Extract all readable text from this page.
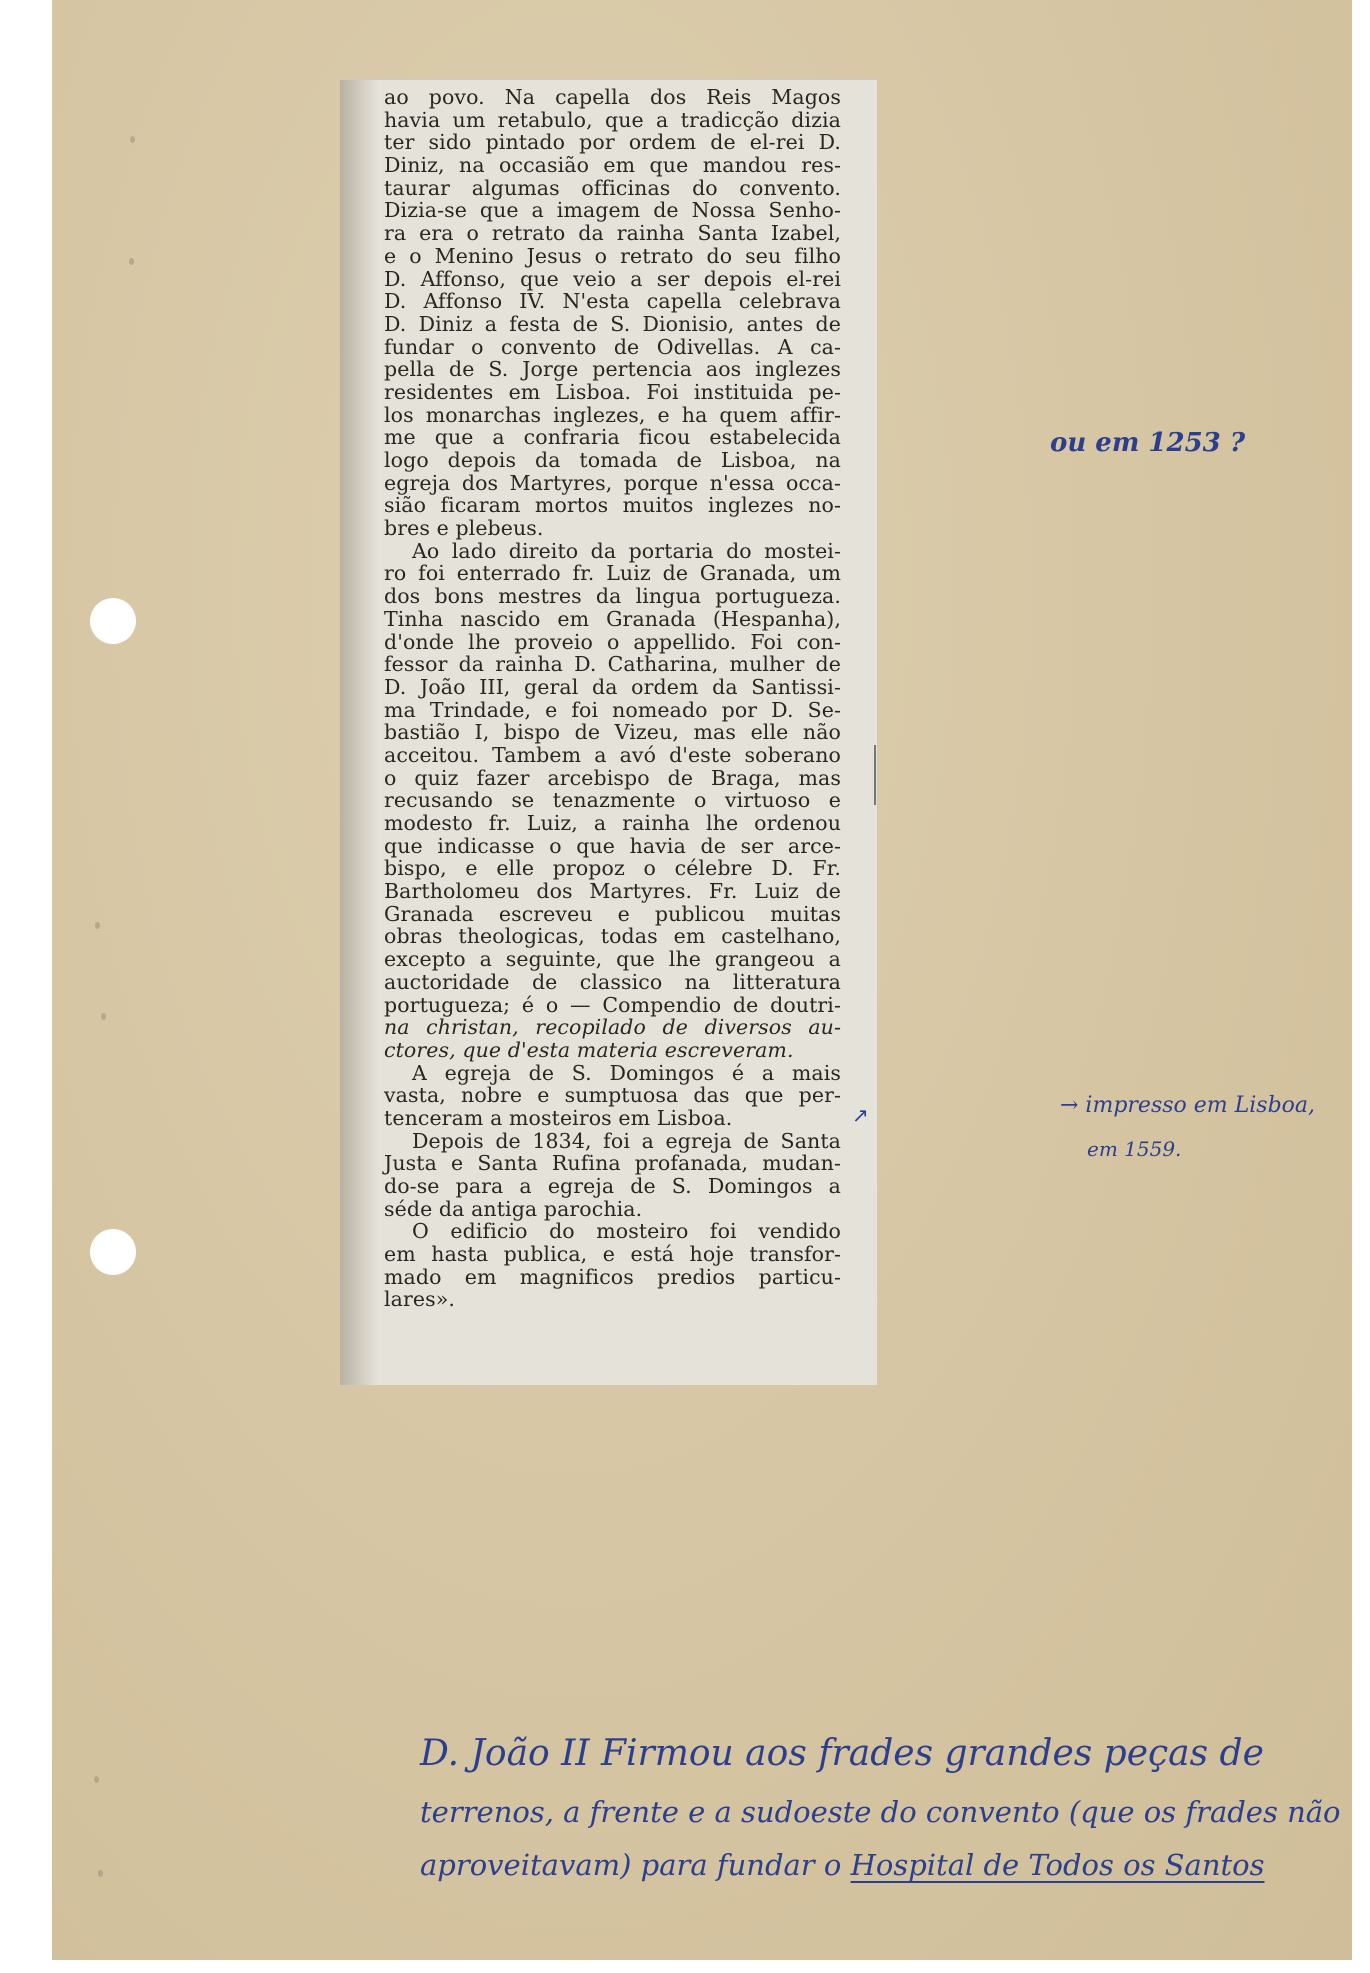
ao povo. Na capella dos Reis Magos
havia um retabulo, que a tradicção dizia
ter sido pintado por ordem de el-rei D.
Diniz, na occasião em que mandou res-
taurar algumas officinas do convento.
Dizia-se que a imagem de Nossa Senho-
ra era o retrato da rainha Santa Izabel,
e o Menino Jesus o retrato do seu filho
D. Affonso, que veio a ser depois el-rei
D. Affonso IV. N'esta capella celebrava
D. Diniz a festa de S. Dionisio, antes de
fundar o convento de Odivellas. A ca-
pella de S. Jorge pertencia aos inglezes
residentes em Lisboa. Foi instituida pe-
los monarchas inglezes, e ha quem affir-
me que a confraria ficou estabelecida
logo depois da tomada de Lisboa, na
egreja dos Martyres, porque n'essa occa-
sião ficaram mortos muitos inglezes no-
bres e plebeus.
Ao lado direito da portaria do mostei-
ro foi enterrado fr. Luiz de Granada, um
dos bons mestres da lingua portugueza.
Tinha nascido em Granada (Hespanha),
d'onde lhe proveio o appellido. Foi con-
fessor da rainha D. Catharina, mulher de
D. João III, geral da ordem da Santissi-
ma Trindade, e foi nomeado por D. Se-
bastião I, bispo de Vizeu, mas elle não
acceitou. Tambem a avó d'este soberano
o quiz fazer arcebispo de Braga, mas
recusando se tenazmente o virtuoso e
modesto fr. Luiz, a rainha lhe ordenou
que indicasse o que havia de ser arce-
bispo, e elle propoz o célebre D. Fr.
Bartholomeu dos Martyres. Fr. Luiz de
Granada escreveu e publicou muitas
obras theologicas, todas em castelhano,
excepto a seguinte, que lhe grangeou a
auctoridade de classico na litteratura
portugueza; é o — Compendio de doutri-
na christan, recopilado de diversos au-
ctores, que d'esta materia escreveram.
A egreja de S. Domingos é a mais
vasta, nobre e sumptuosa das que per-
tenceram a mosteiros em Lisboa.
Depois de 1834, foi a egreja de Santa
Justa e Santa Rufina profanada, mudan-
do-se para a egreja de S. Domingos a
séde da antiga parochia.
O edificio do mosteiro foi vendido
em hasta publica, e está hoje transfor-
mado em magnificos predios particu-
lares».
ou em 1253 ?
↗	→ impresso em Lisboa,
em 1559.
D. João II Firmou aos frades grandes peças de
terrenos, a frente e a sudoeste do convento (que os frades não
aproveitavam) para fundar o Hospital de Todos os Santos
